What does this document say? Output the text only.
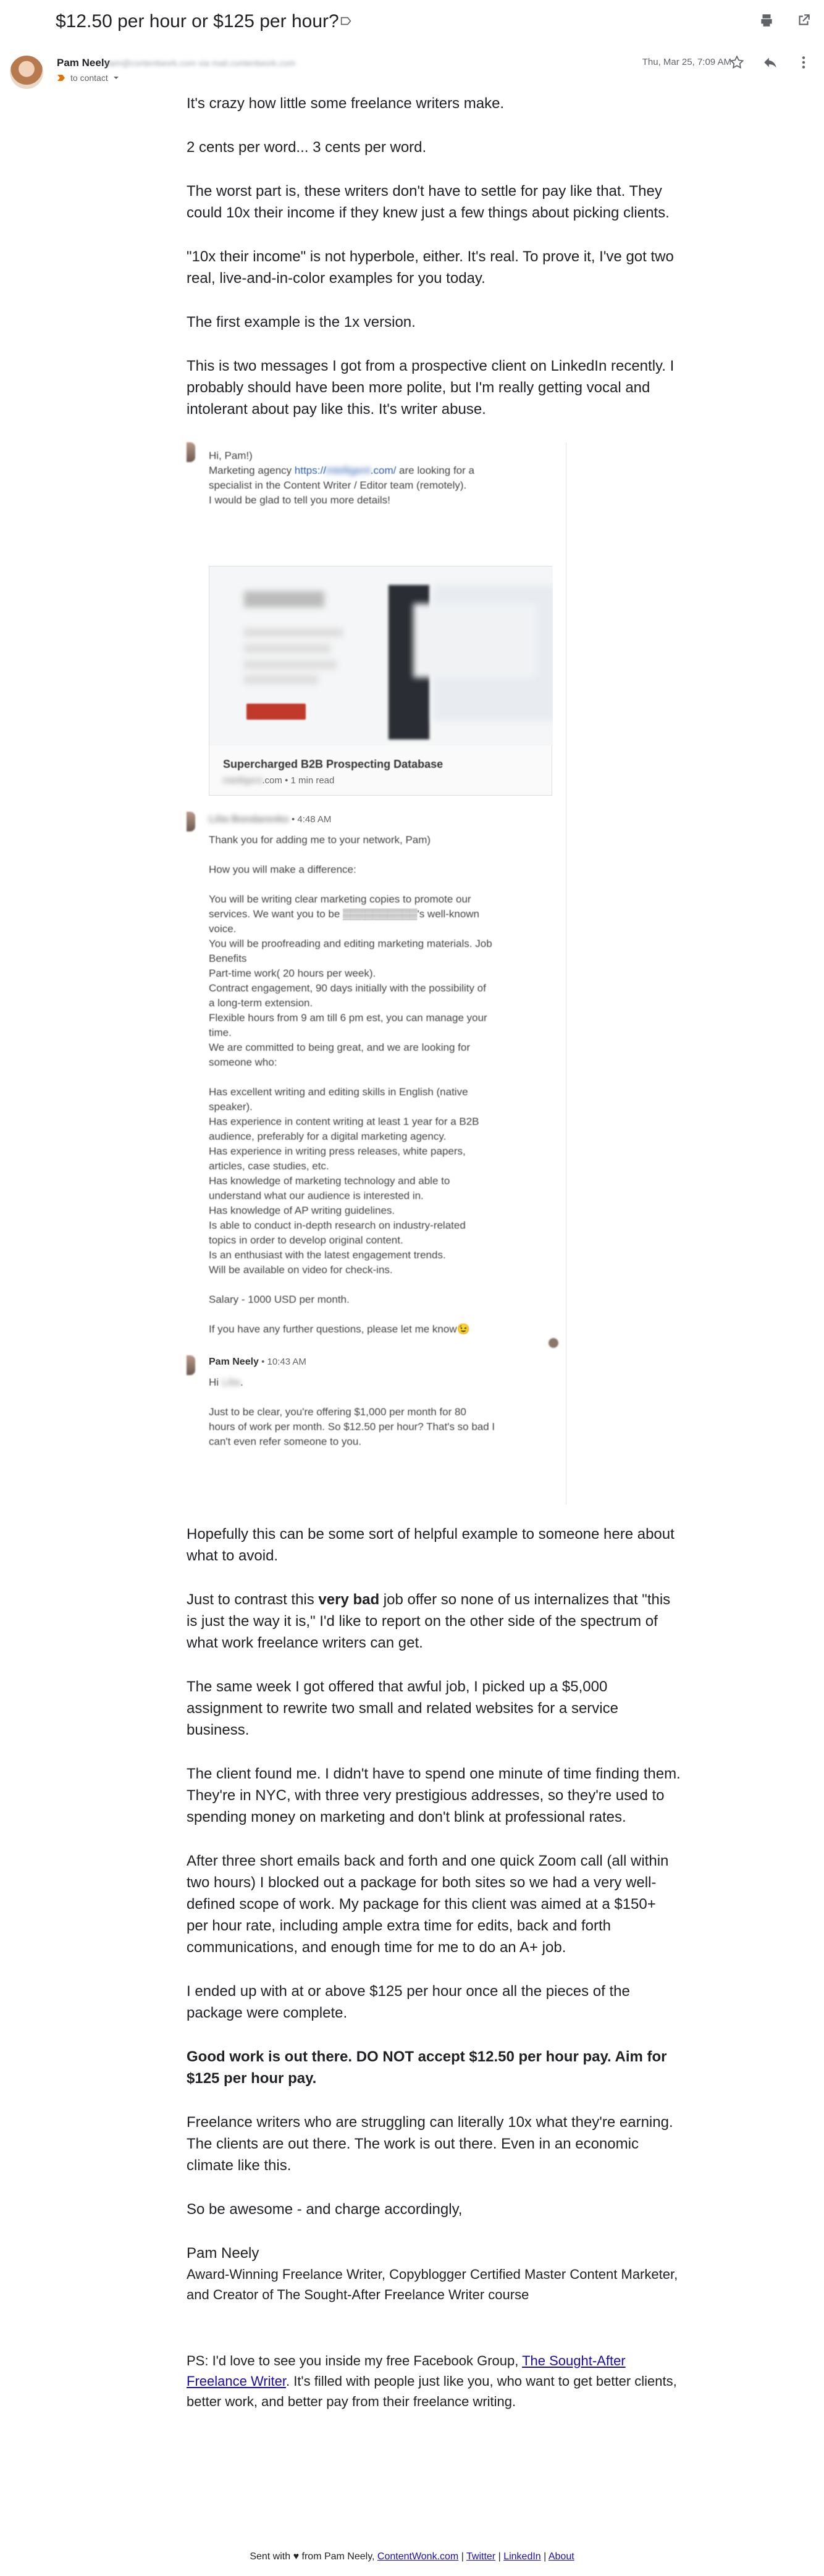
$12.50 per hour or $125 per hour?
Pam Neely
pam@contentwork.com via mail.contentwork.com
to contact
Thu, Mar 25, 7:09 AM
It's crazy how little some freelance writers make.
2 cents per word... 3 cents per word.
The worst part is, these writers don't have to settle for pay like that. They could 10x their income if they knew just a few things about picking clients.
"10x their income" is not hyperbole, either. It's real. To prove it, I've got two real, live-and-in-color examples for you today.
The first example is the 1x version.
This is two messages I got from a prospective client on LinkedIn recently. I probably should have been more polite, but I'm really getting vocal and intolerant about pay like this. It's writer abuse.
Hi, Pam!)
Marketing agency https://intelligent.com/ are looking for a
specialist in the Content Writer / Editor team (remotely).
I would be glad to tell you more details!
Supercharged B2B Prospecting Database
intelligent.com • 1 min read
Lilia Bondarenko • 4:48 AM
Thank you for adding me to your network, Pam)
How you will make a difference:
You will be writing clear marketing copies to promote our
services. We want you to be ▒▒▒▒▒▒▒▒▒▒'s well-known
voice.
You will be proofreading and editing marketing materials. Job
Benefits
Part-time work( 20 hours per week).
Contract engagement, 90 days initially with the possibility of
a long-term extension.
Flexible hours from 9 am till 6 pm est, you can manage your
time.
We are committed to being great, and we are looking for
someone who:
Has excellent writing and editing skills in English (native
speaker).
Has experience in content writing at least 1 year for a B2B
audience, preferably for a digital marketing agency.
Has experience in writing press releases, white papers,
articles, case studies, etc.
Has knowledge of marketing technology and able to
understand what our audience is interested in.
Has knowledge of AP writing guidelines.
Is able to conduct in-depth research on industry-related
topics in order to develop original content.
Is an enthusiast with the latest engagement trends.
Will be available on video for check-ins.
Salary - 1000 USD per month.
If you have any further questions, please let me know😉
Pam Neely • 10:43 AM
Hi Lilia.
Just to be clear, you're offering $1,000 per month for 80
hours of work per month. So $12.50 per hour? That's so bad I
can't even refer someone to you.
Hopefully this can be some sort of helpful example to someone here about what to avoid.
Just to contrast this very bad job offer so none of us internalizes that "this is just the way it is," I'd like to report on the other side of the spectrum of what work freelance writers can get.
The same week I got offered that awful job, I picked up a $5,000 assignment to rewrite two small and related websites for a service business.
The client found me. I didn't have to spend one minute of time finding them. They're in NYC, with three very prestigious addresses, so they're used to spending money on marketing and don't blink at professional rates.
After three short emails back and forth and one quick Zoom call (all within two hours) I blocked out a package for both sites so we had a very well-defined scope of work. My package for this client was aimed at a $150+ per hour rate, including ample extra time for edits, back and forth communications, and enough time for me to do an A+ job.
I ended up with at or above $125 per hour once all the pieces of the package were complete.
Good work is out there. DO NOT accept $12.50 per hour pay. Aim for $125 per hour pay.
Freelance writers who are struggling can literally 10x what they're earning. The clients are out there. The work is out there. Even in an economic climate like this.
So be awesome - and charge accordingly,
Pam Neely
Award-Winning Freelance Writer, Copyblogger Certified Master Content Marketer, and Creator of The Sought-After Freelance Writer course
PS: I'd love to see you inside my free Facebook Group, The Sought-After Freelance Writer. It's filled with people just like you, who want to get better clients, better work, and better pay from their freelance writing.
Sent with ♥ from Pam Neely, ContentWonk.com | Twitter | LinkedIn | About
